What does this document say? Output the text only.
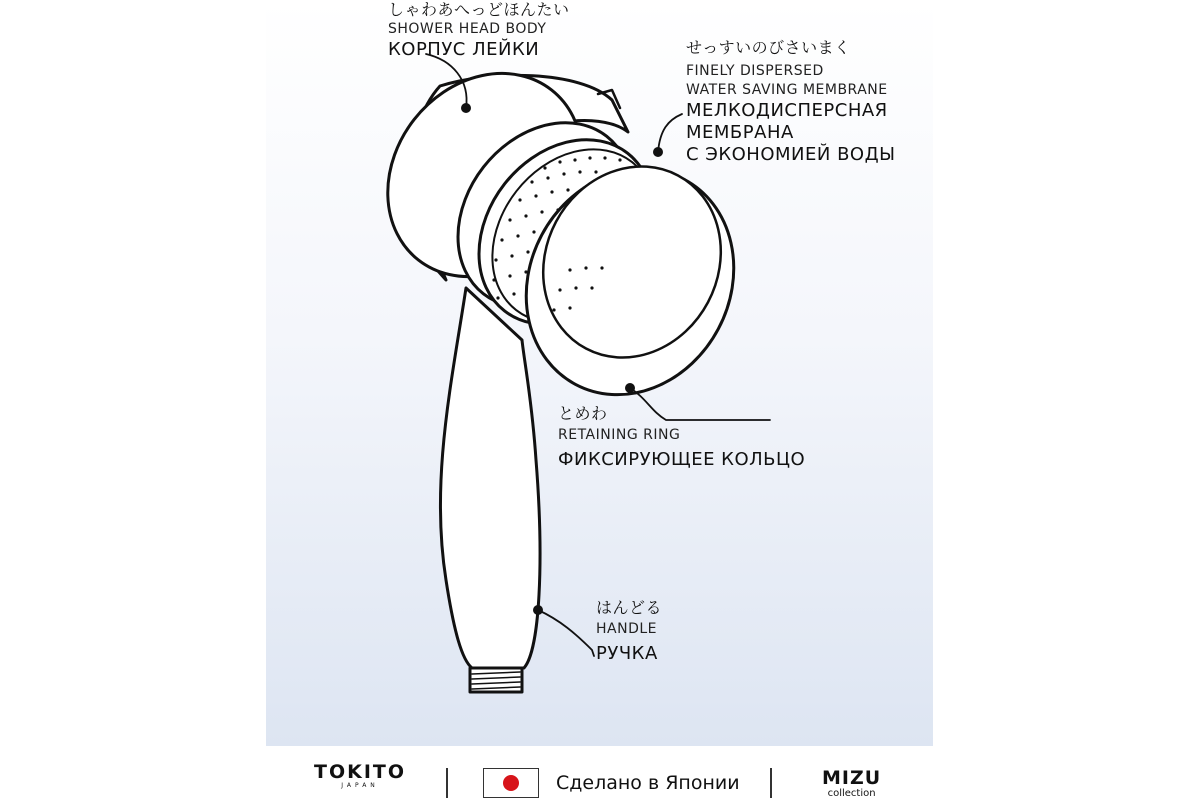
しゃわあへっどほんたい
SHOWER HEAD BODY
КОРПУС ЛЕЙКИ	せっすいのびさいまく
FINELY DISPERSED
WATER SAVING MEMBRANE
МЕЛКОДИСПЕРСНАЯ
МЕМБРАНА
С ЭКОНОМИЕЙ ВОДЫ
とめわ
RETAINING RING
ФИКСИРУЮЩЕЕ КОЛЬЦО
はんどる
HANDLE
РУЧКА
TOKITO
JAPAN	Сделано в Японии	MIZU
collection
